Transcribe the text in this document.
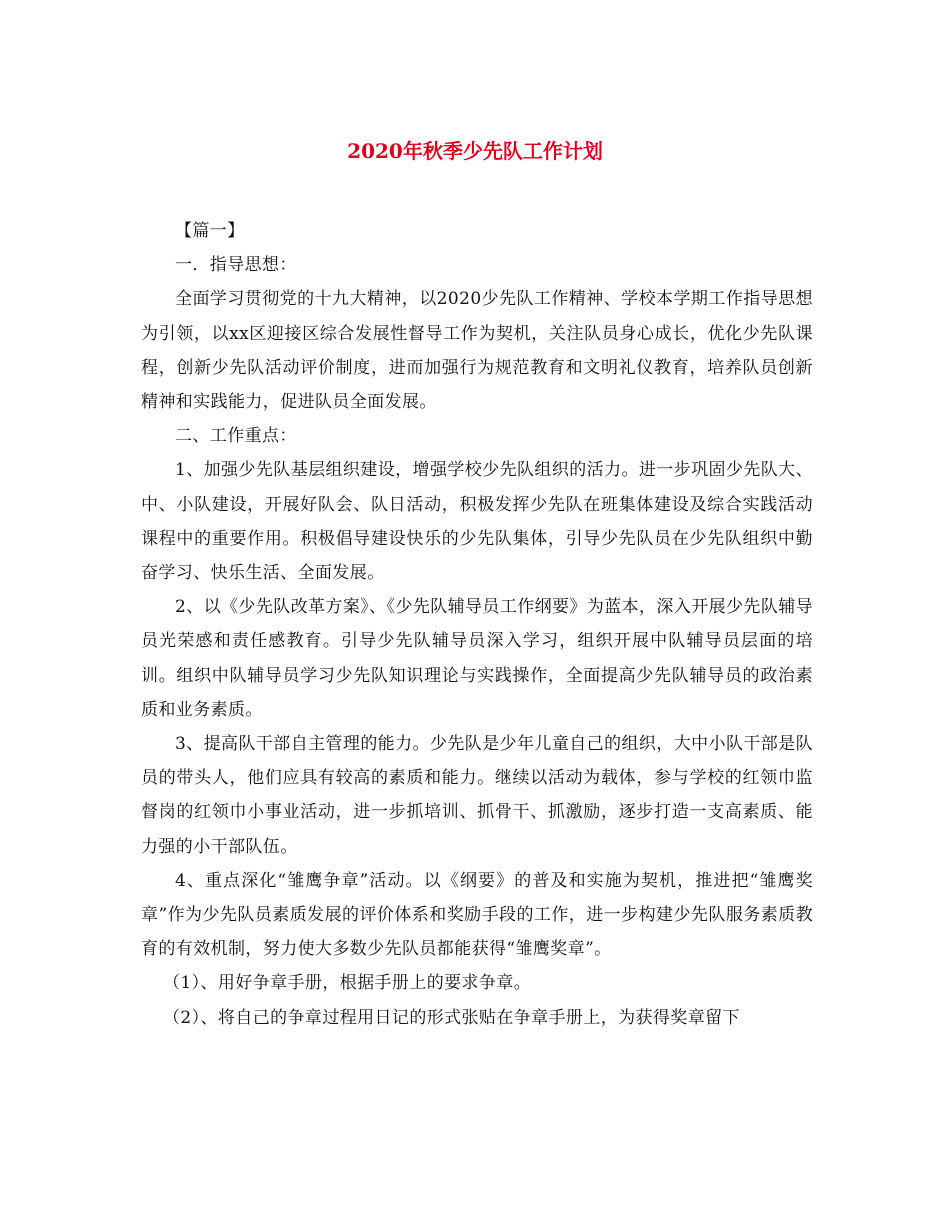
2020年秋季少先队工作计划

【篇一】

一．指导思想：

全面学习贯彻党的十九大精神，以2020少先队工作精神、学校本学期工作指导思想为引领，以xx区迎接区综合发展性督导工作为契机，关注队员身心成长，优化少先队课程，创新少先队活动评价制度，进而加强行为规范教育和文明礼仪教育，培养队员创新精神和实践能力，促进队员全面发展。

二、工作重点：

1、加强少先队基层组织建设，增强学校少先队组织的活力。进一步巩固少先队大、中、小队建设，开展好队会、队日活动，积极发挥少先队在班集体建设及综合实践活动课程中的重要作用。积极倡导建设快乐的少先队集体，引导少先队员在少先队组织中勤奋学习、快乐生活、全面发展。

2、以《少先队改革方案》、《少先队辅导员工作纲要》为蓝本，深入开展少先队辅导员光荣感和责任感教育。引导少先队辅导员深入学习，组织开展中队辅导员层面的培训。组织中队辅导员学习少先队知识理论与实践操作，全面提高少先队辅导员的政治素质和业务素质。

3、提高队干部自主管理的能力。少先队是少年儿童自己的组织，大中小队干部是队员的带头人，他们应具有较高的素质和能力。继续以活动为载体，参与学校的红领巾监督岗的红领巾小事业活动，进一步抓培训、抓骨干、抓激励，逐步打造一支高素质、能力强的小干部队伍。

4、重点深化“雏鹰争章”活动。以《纲要》的普及和实施为契机，推进把“雏鹰奖章”作为少先队员素质发展的评价体系和奖励手段的工作，进一步构建少先队服务素质教育的有效机制，努力使大多数少先队员都能获得“雏鹰奖章”。

（1）、用好争章手册，根据手册上的要求争章。

（2）、将自己的争章过程用日记的形式张贴在争章手册上，为获得奖章留下
